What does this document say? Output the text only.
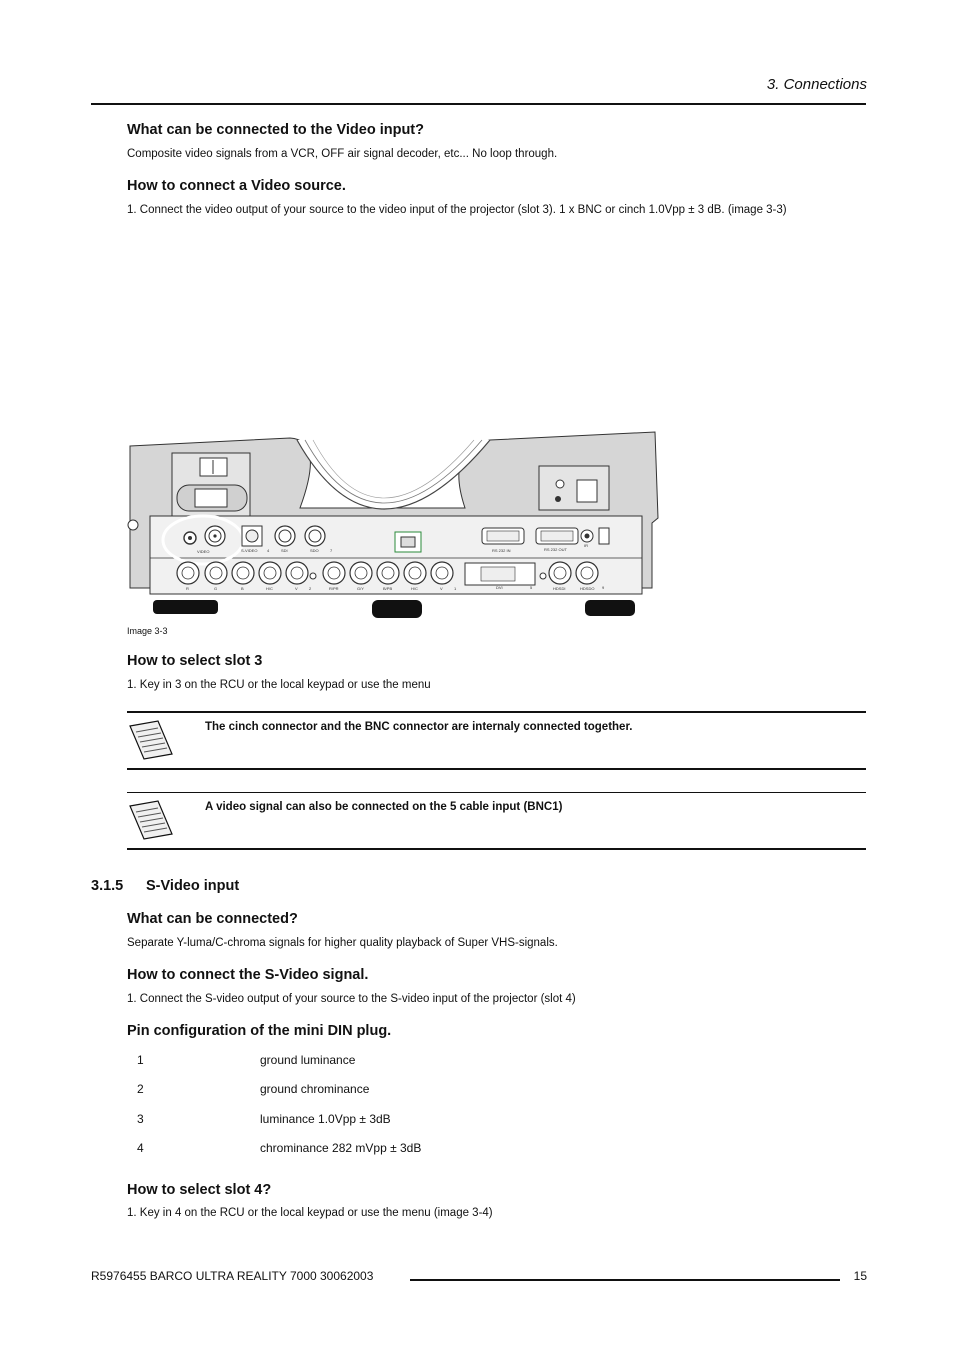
3. Connections
What can be connected to the Video input?

Composite video signals from a VCR, OFF air signal decoder, etc... No loop through.

How to connect a Video source.

1. Connect the video output of your source to the video input of the projector (slot 3). 1 x BNC or cinch 1.0Vpp ± 3 dB. (image 3-3)

VIDEO	S-VIDEO 4	SDI	SDO	7	RS 232 IN	RS 232 OUT
IR
R	G	B	H/C	V	2	R/PR	G/Y	B/PB	H/C	V	1	DVI	5	HDSDI	HDSDO 9
Image 3-3
How to select slot 3

1. Key in 3 on the RCU or the local keypad or use the menu

The cinch connector and the BNC connector are internaly connected together.
A video signal can also be connected on the 5 cable input (BNC1)
3.1.5 S-Video input
What can be connected?

Separate Y-luma/C-chroma signals for higher quality playback of Super VHS-signals.

How to connect the S-Video signal.

1. Connect the S-video output of your source to the S-video input of the projector (slot 4)

Pin configuration of the mini DIN plug.
1	ground luminance
2	ground chrominance
3	luminance 1.0Vpp ± 3dB
4	chrominance 282 mVpp ± 3dB
How to select slot 4?

1. Key in 4 on the RCU or the local keypad or use the menu (image 3-4)

R5976455 BARCO ULTRA REALITY 7000 30062003	15
